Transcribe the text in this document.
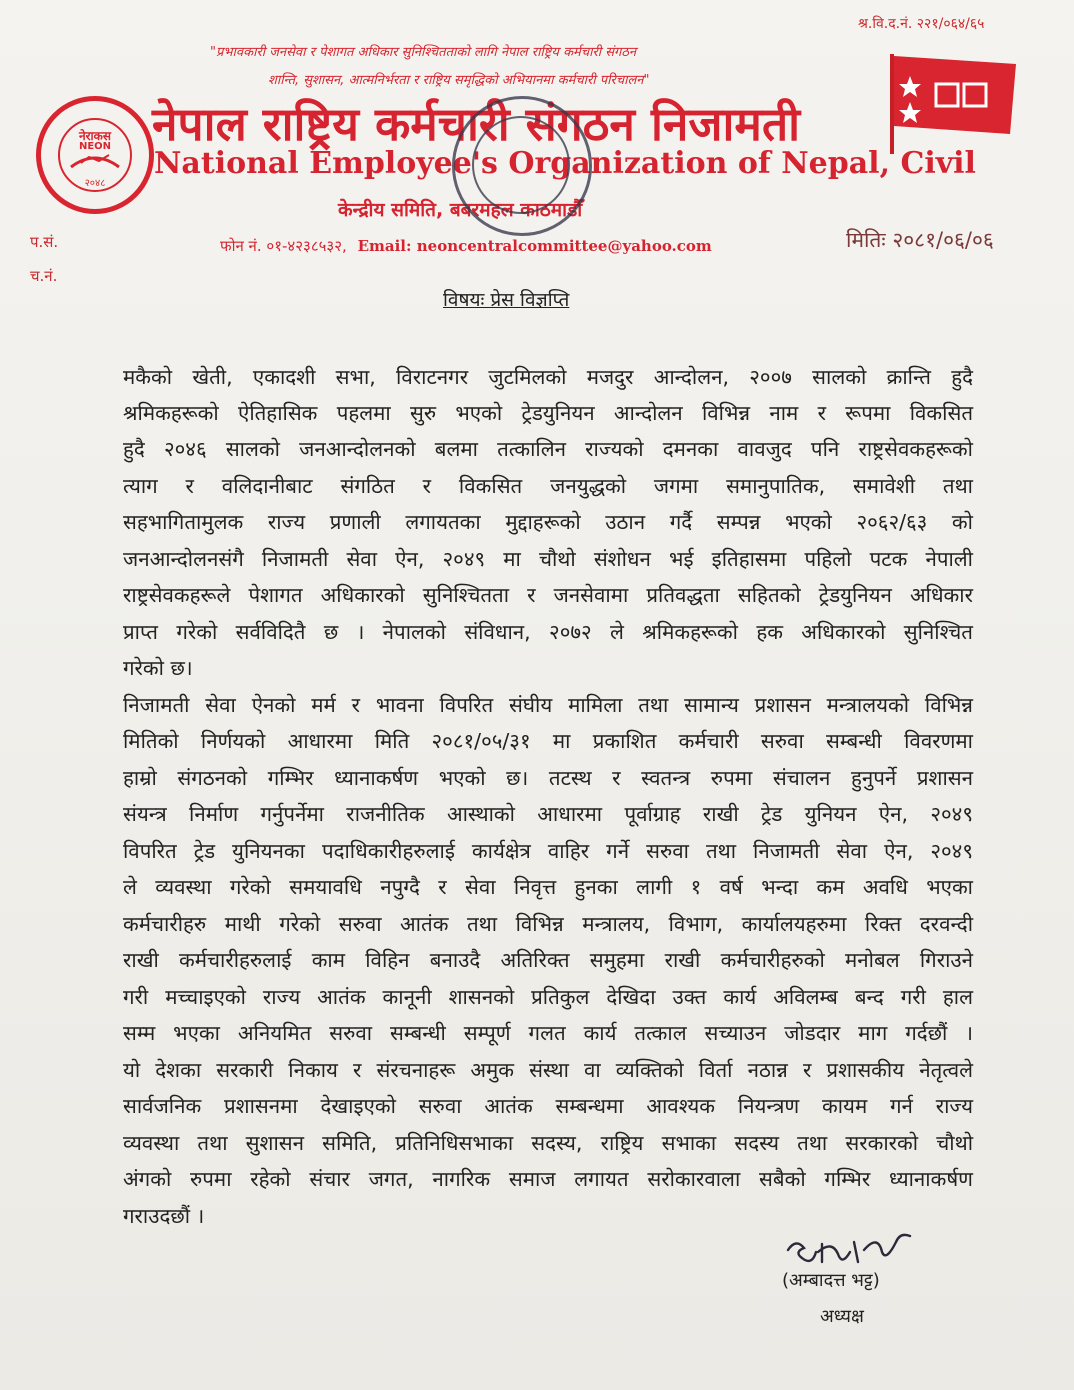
"प्रभावकारी जनसेवा र पेशागत अधिकार सुनिश्चितताको लागि नेपाल राष्ट्रिय कर्मचारी संगठन
शान्ति, सुशासन, आत्मनिर्भरता र राष्ट्रिय समृद्धिको अभियानमा कर्मचारी परिचालन"
श्र.वि.द.नं. २२१/०६४/६५
नेराकस
NEON
२०४८
नेपाल राष्ट्रिय कर्मचारी संगठन निजामती
National Employee's Organization of Nepal, Civil
केन्द्रीय समिति, बबरमहल काठमाडौँ
फोन नं. ०१-४२३८५३२, Email: neoncentralcommittee@yahoo.com
प.सं.
च.नं.
मितिः २०८१/०६/०६
विषयः प्रेस विज्ञप्ति
मकैको खेती, एकादशी सभा, विराटनगर जुटमिलको मजदुर आन्दोलन, २००७ सालको क्रान्ति हुदै
श्रमिकहरूको ऐतिहासिक पहलमा सुरु भएको ट्रेडयुनियन आन्दोलन विभिन्न नाम र रूपमा विकसित
हुदै २०४६ सालको जनआन्दोलनको बलमा तत्कालिन राज्यको दमनका वावजुद पनि राष्ट्रसेवकहरूको
त्याग र वलिदानीबाट संगठित र विकसित जनयुद्धको जगमा समानुपातिक, समावेशी तथा
सहभागितामुलक राज्य प्रणाली लगायतका मुद्दाहरूको उठान गर्दै सम्पन्न भएको २०६२/६३ को
जनआन्दोलनसंगै निजामती सेवा ऐन, २०४९ मा चौथो संशोधन भई इतिहासमा पहिलो पटक नेपाली
राष्ट्रसेवकहरूले पेशागत अधिकारको सुनिश्चितता र जनसेवामा प्रतिवद्धता सहितको ट्रेडयुनियन अधिकार
प्राप्त गरेको सर्वविदितै छ । नेपालको संविधान, २०७२ ले श्रमिकहरूको हक अधिकारको सुनिश्चित
गरेको छ।
निजामती सेवा ऐनको मर्म र भावना विपरित संघीय मामिला तथा सामान्य प्रशासन मन्त्रालयको विभिन्न
मितिको निर्णयको आधारमा मिति २०८१/०५/३१ मा प्रकाशित कर्मचारी सरुवा सम्बन्धी विवरणमा
हाम्रो संगठनको गम्भिर ध्यानाकर्षण भएको छ। तटस्थ र स्वतन्त्र रुपमा संचालन हुनुपर्ने प्रशासन
संयन्त्र निर्माण गर्नुपर्नेमा राजनीतिक आस्थाको आधारमा पूर्वाग्राह राखी ट्रेड युनियन ऐन, २०४९
विपरित ट्रेड युनियनका पदाधिकारीहरुलाई कार्यक्षेत्र वाहिर गर्ने सरुवा तथा निजामती सेवा ऐन, २०४९
ले व्यवस्था गरेको समयावधि नपुग्दै र सेवा निवृत्त हुनका लागी १ वर्ष भन्दा कम अवधि भएका
कर्मचारीहरु माथी गरेको सरुवा आतंक तथा विभिन्न मन्त्रालय, विभाग, कार्यालयहरुमा रिक्त दरवन्दी
राखी कर्मचारीहरुलाई काम विहिन बनाउदै अतिरिक्त समुहमा राखी कर्मचारीहरुको मनोबल गिराउने
गरी मच्चाइएको राज्य आतंक कानूनी शासनको प्रतिकुल देखिदा उक्त कार्य अविलम्ब बन्द गरी हाल
सम्म भएका अनियमित सरुवा सम्बन्धी सम्पूर्ण गलत कार्य तत्काल सच्याउन जोडदार माग गर्दछौं ।
यो देशका सरकारी निकाय र संरचनाहरू अमुक संस्था वा व्यक्तिको विर्ता नठान्न र प्रशासकीय नेतृत्वले
सार्वजनिक प्रशासनमा देखाइएको सरुवा आतंक सम्बन्धमा आवश्यक नियन्त्रण कायम गर्न राज्य
व्यवस्था तथा सुशासन समिति, प्रतिनिधिसभाका सदस्य, राष्ट्रिय सभाका सदस्य तथा सरकारको चौथो
अंगको रुपमा रहेको संचार जगत, नागरिक समाज लगायत सरोकारवाला सबैको गम्भिर ध्यानाकर्षण
गराउदछौं ।
(अम्बादत्त भट्ट)
अध्यक्ष
